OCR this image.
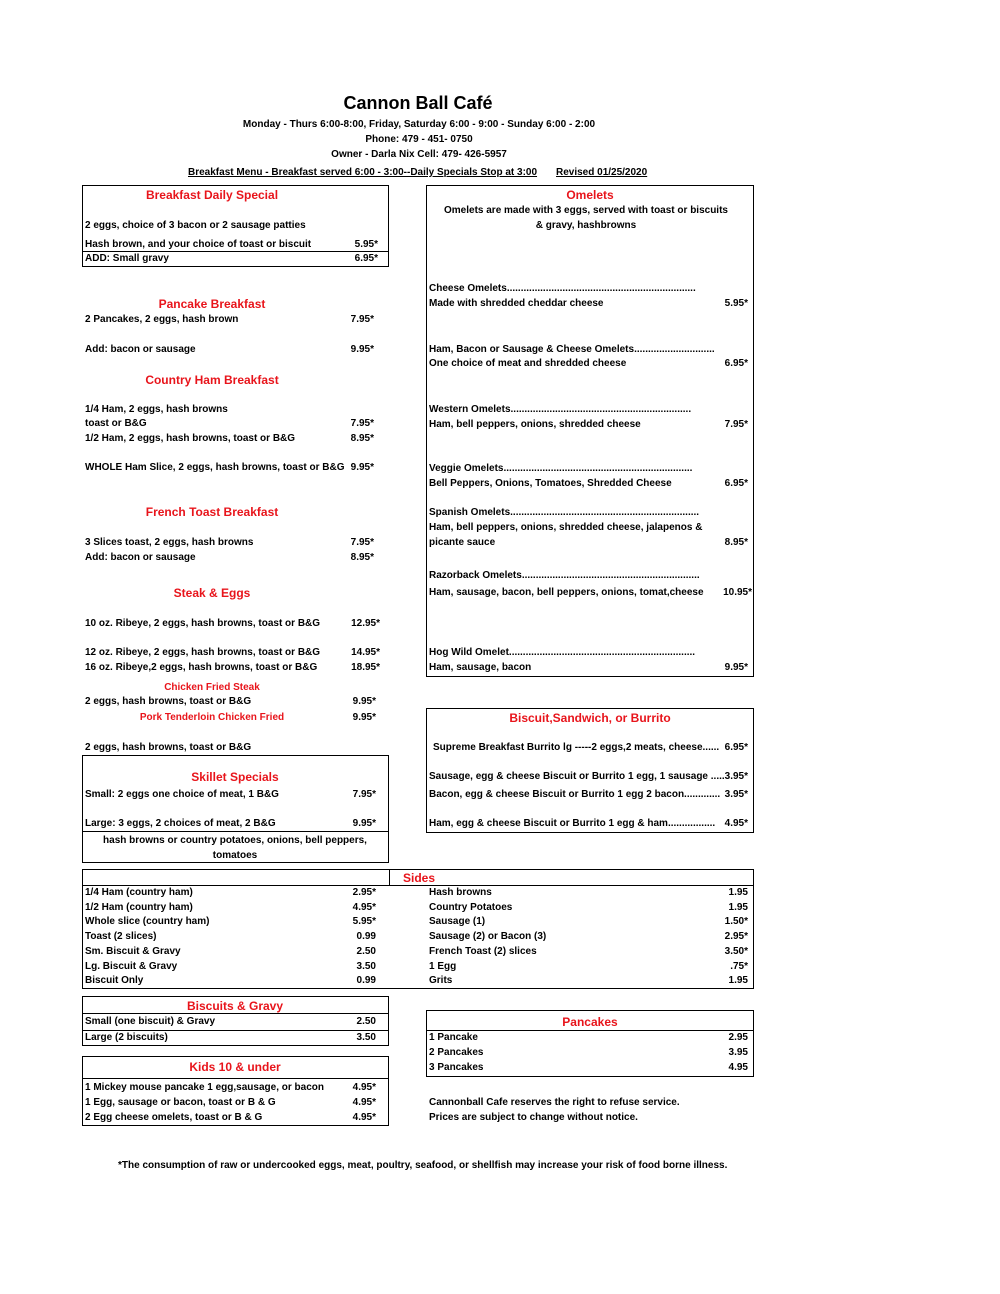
Cannon Ball Café
Monday - Thurs 6:00-8:00, Friday, Saturday 6:00 - 9:00 - Sunday 6:00 - 2:00
Phone: 479 - 451- 0750
Owner - Darla Nix Cell: 479- 426-5957
Breakfast Menu - Breakfast served 6:00 - 3:00--Daily Specials Stop at 3:00 Revised 01/25/2020
Breakfast Daily Special
2 eggs, choice of 3 bacon or 2 sausage patties
Hash brown, and your choice of toast or biscuit	5.95*
ADD: Small gravy	6.95*
Pancake Breakfast
2 Pancakes, 2 eggs, hash brown	7.95*
Add: bacon or sausage	9.95*
Country Ham Breakfast
1/4 Ham, 2 eggs, hash browns
toast or B&G	7.95*
1/2 Ham, 2 eggs, hash browns, toast or B&G	8.95*
WHOLE Ham Slice, 2 eggs, hash browns, toast or B&G 9.95*
French Toast Breakfast
3 Slices toast, 2 eggs, hash browns	7.95*
Add: bacon or sausage	8.95*
Steak & Eggs
10 oz. Ribeye, 2 eggs, hash browns, toast or B&G	12.95*
12 oz. Ribeye, 2 eggs, hash browns, toast or B&G	14.95*
16 oz. Ribeye,2 eggs, hash browns, toast or B&G	18.95*
Chicken Fried Steak
2 eggs, hash browns, toast or B&G	9.95*
Pork Tenderloin Chicken Fried	9.95*
2 eggs, hash browns, toast or B&G
Skillet Specials
Small: 2 eggs one choice of meat, 1 B&G	7.95*
Large: 3 eggs, 2 choices of meat, 2 B&G	9.95*
hash browns or country potatoes, onions, bell peppers,
tomatoes
Omelets
Omelets are made with 3 eggs, served with toast or biscuits
& gravy, hashbrowns
Cheese Omelets....................................................................
Made with shredded cheddar cheese	5.95*
Ham, Bacon or Sausage & Cheese Omelets.............................
One choice of meat and shredded cheese	6.95*
Western Omelets.................................................................
Ham, bell peppers, onions, shredded cheese	7.95*
Veggie Omelets....................................................................
Bell Peppers, Onions, Tomatoes, Shredded Cheese	6.95*
Spanish Omelets....................................................................
Ham, bell peppers, onions, shredded cheese, jalapenos &
picante sauce	8.95*
Razorback Omelets................................................................
Ham, sausage, bacon, bell peppers, onions, tomat,cheese	10.95*
Hog Wild Omelet...................................................................
Ham, sausage, bacon	9.95*
Biscuit,Sandwich, or Burrito
Supreme Breakfast Burrito lg -----2 eggs,2 meats, cheese...... 6.95*
Sausage, egg & cheese Biscuit or Burrito 1 egg, 1 sausage ..... 3.95*
Bacon, egg & cheese Biscuit or Burrito 1 egg 2 bacon............. 3.95*
Ham, egg & cheese Biscuit or Burrito 1 egg & ham................. 4.95*
Sides
1/4 Ham (country ham)	2.95*
1/2 Ham (country ham)	4.95*
Whole slice (country ham)	5.95*
Toast (2 slices)	0.99
Sm. Biscuit & Gravy	2.50
Lg. Biscuit & Gravy	3.50
Biscuit Only	0.99
Hash browns	1.95
Country Potatoes	1.95
Sausage (1)	1.50*
Sausage (2) or Bacon (3)	2.95*
French Toast (2) slices	3.50*
1 Egg	.75*
Grits	1.95
Biscuits & Gravy
Small (one biscuit) & Gravy	2.50
Large (2 biscuits)	3.50
Kids 10 & under
1 Mickey mouse pancake 1 egg,sausage, or bacon	4.95*
1 Egg, sausage or bacon, toast or B & G	4.95*
2 Egg cheese omelets, toast or B & G	4.95*
Pancakes
1 Pancake	2.95
2 Pancakes	3.95
3 Pancakes	4.95
Cannonball Cafe reserves the right to refuse service.
Prices are subject to change without notice.
*The consumption of raw or undercooked eggs, meat, poultry, seafood, or shellfish may increase your risk of food borne illness.
